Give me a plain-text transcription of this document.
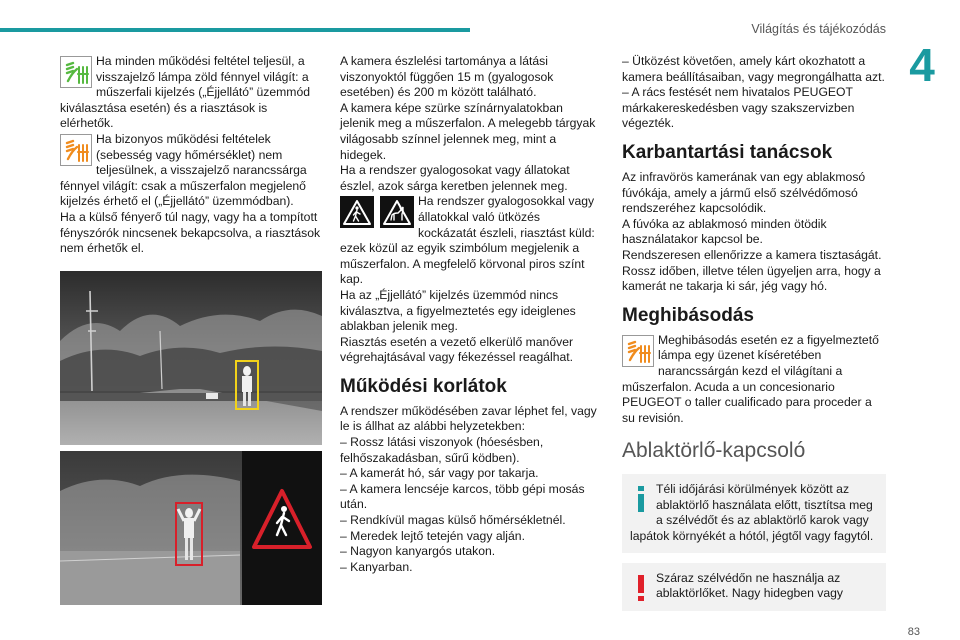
Világítás és tájékozódás
4
83

Ha minden működési feltétel teljesül, a visszajelző lámpa zöld fénnyel világít: a műszerfali kijelzés („Éjjellátó” üzemmód kiválasztása esetén) és a riasztások is elérhetők.

Ha bizonyos működési feltételek (sebesség vagy hőmérséklet) nem teljesülnek, a visszajelző narancssárga fénnyel világít: csak a műszerfalon megjelenő kijelzés érhető el („Éjjellátó” üzemmódban).

Ha a külső fényerő túl nagy, vagy ha a tompított fényszórók nincsenek bekapcsolva, a riasztások nem érhetők el.

A kamera észlelési tartománya a látási viszonyoktól függően 15 m (gyalogosok esetében) és 200 m között található.

A kamera képe szürke színárnyalatokban jelenik meg a műszerfalon. A melegebb tárgyak világosabb színnel jelennek meg, mint a hidegek.

Ha a rendszer gyalogosokat vagy állatokat észlel, azok sárga keretben jelennek meg.

Ha rendszer gyalogosokkal vagy állatokkal való ütközés kockázatát észleli, riasztást küld: ezek közül az egyik szimbólum megjelenik a műszerfalon. A megfelelő körvonal piros színt kap.

Ha az „Éjjellátó” kijelzés üzemmód nincs kiválasztva, a figyelmeztetés egy ideiglenes ablakban jelenik meg.

Riasztás esetén a vezető elkerülő manőver végrehajtásával vagy fékezéssel reagálhat.

Működési korlátok

A rendszer működésében zavar léphet fel, vagy le is állhat az alábbi helyzetekben:

– Rossz látási viszonyok (hóesésben, felhőszakadásban, sűrű ködben).

– A kamerát hó, sár vagy por takarja.

– A kamera lencséje karcos, több gépi mosás után.

– Rendkívül magas külső hőmérsékletnél.

– Meredek lejtő tetején vagy alján.

– Nagyon kanyargós utakon.

– Kanyarban.

– Ütközést követően, amely kárt okozhatott a kamera beállításaiban, vagy megrongálhatta azt.

– A rács festését nem hivatalos PEUGEOT márkakereskedésben vagy szakszervizben végezték.

Karbantartási tanácsok

Az infravörös kamerának van egy ablakmosó fúvókája, amely a jármű első szélvédőmosó rendszeréhez kapcsolódik.

A fúvóka az ablakmosó minden ötödik használatakor kapcsol be.

Rendszeresen ellenőrizze a kamera tisztaságát. Rossz időben, illetve télen ügyeljen arra, hogy a kamerát ne takarja ki sár, jég vagy hó.

Meghibásodás

Meghibásodás esetén ez a figyelmeztető lámpa egy üzenet kíséretében narancssárgán kezd el világítani a műszerfalon. Acuda a un concesionario PEUGEOT o taller cualificado para proceder a su revisión.

Ablaktörlő-kapcsoló

Téli időjárási körülmények között az ablaktörlő használata előtt, tisztítsa meg a szélvédőt és az ablaktörlő karok vagy lapátok környékét a hótól, jégtől vagy fagytól.

Száraz szélvédőn ne használja az ablaktörlőket. Nagy hidegben vagy
